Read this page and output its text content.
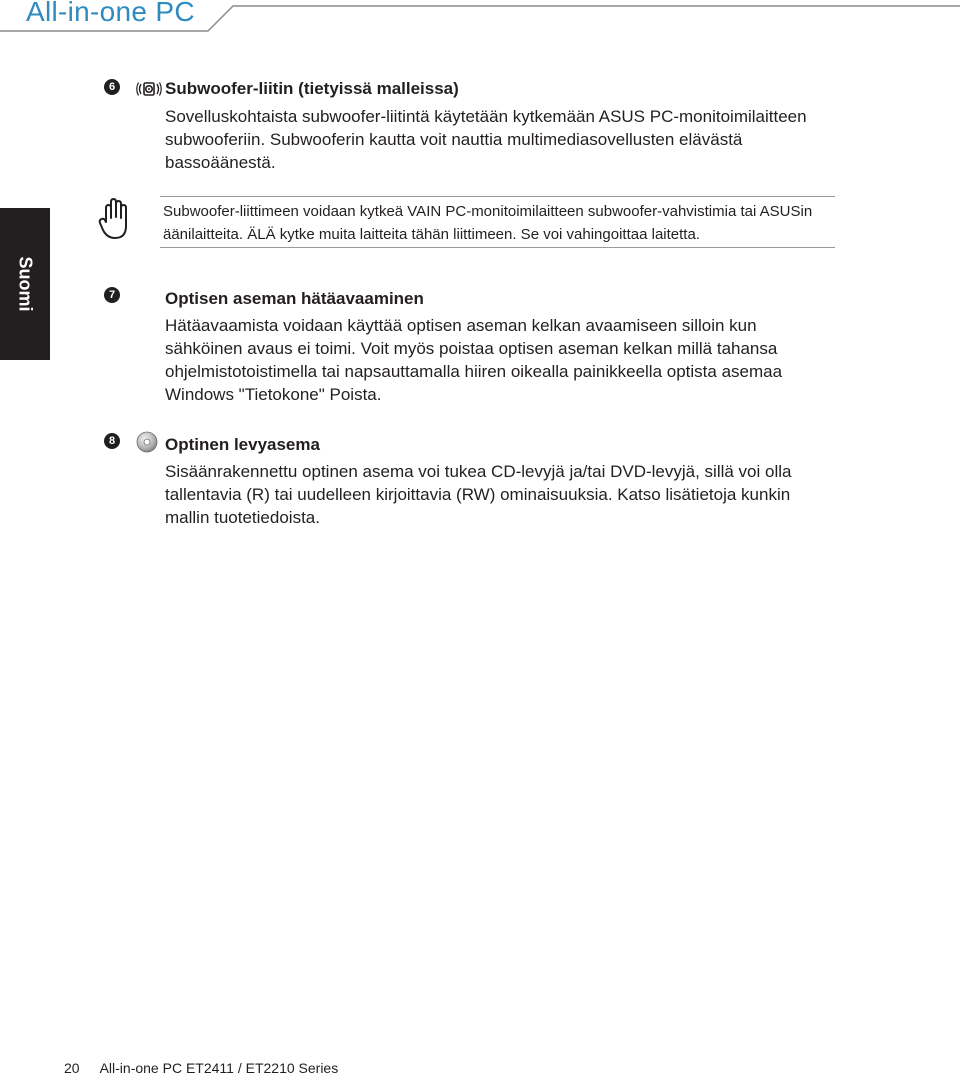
All-in-one PC
Suomi
6	Subwoofer-liitin (tietyissä malleissa)
Sovelluskohtaista subwoofer-liitintä käytetään kytkemään ASUS PC-monitoimilaitteen subwooferiin. Subwooferin kautta voit nauttia multimediasovellusten elävästä bassoäänestä.
Subwoofer-liittimeen voidaan kytkeä VAIN PC-monitoimilaitteen subwoofer-vahvistimia tai ASUSin äänilaitteita. ÄLÄ kytke muita laitteita tähän liittimeen. Se voi vahingoittaa laitetta.
7	Optisen aseman hätäavaaminen
Hätäavaamista voidaan käyttää optisen aseman kelkan avaamiseen silloin kun sähköinen avaus ei toimi. Voit myös poistaa optisen aseman kelkan millä tahansa ohjelmistotoistimella tai napsauttamalla hiiren oikealla painikkeella optista asemaa Windows "Tietokone" Poista.
8	Optinen levyasema
Sisäänrakennettu optinen asema voi tukea CD-levyjä ja/tai DVD-levyjä, sillä voi olla tallentavia (R) tai uudelleen kirjoittavia (RW) ominaisuuksia. Katso lisätietoja kunkin mallin tuotetiedoista.
20 All-in-one PC ET2411 / ET2210 Series
